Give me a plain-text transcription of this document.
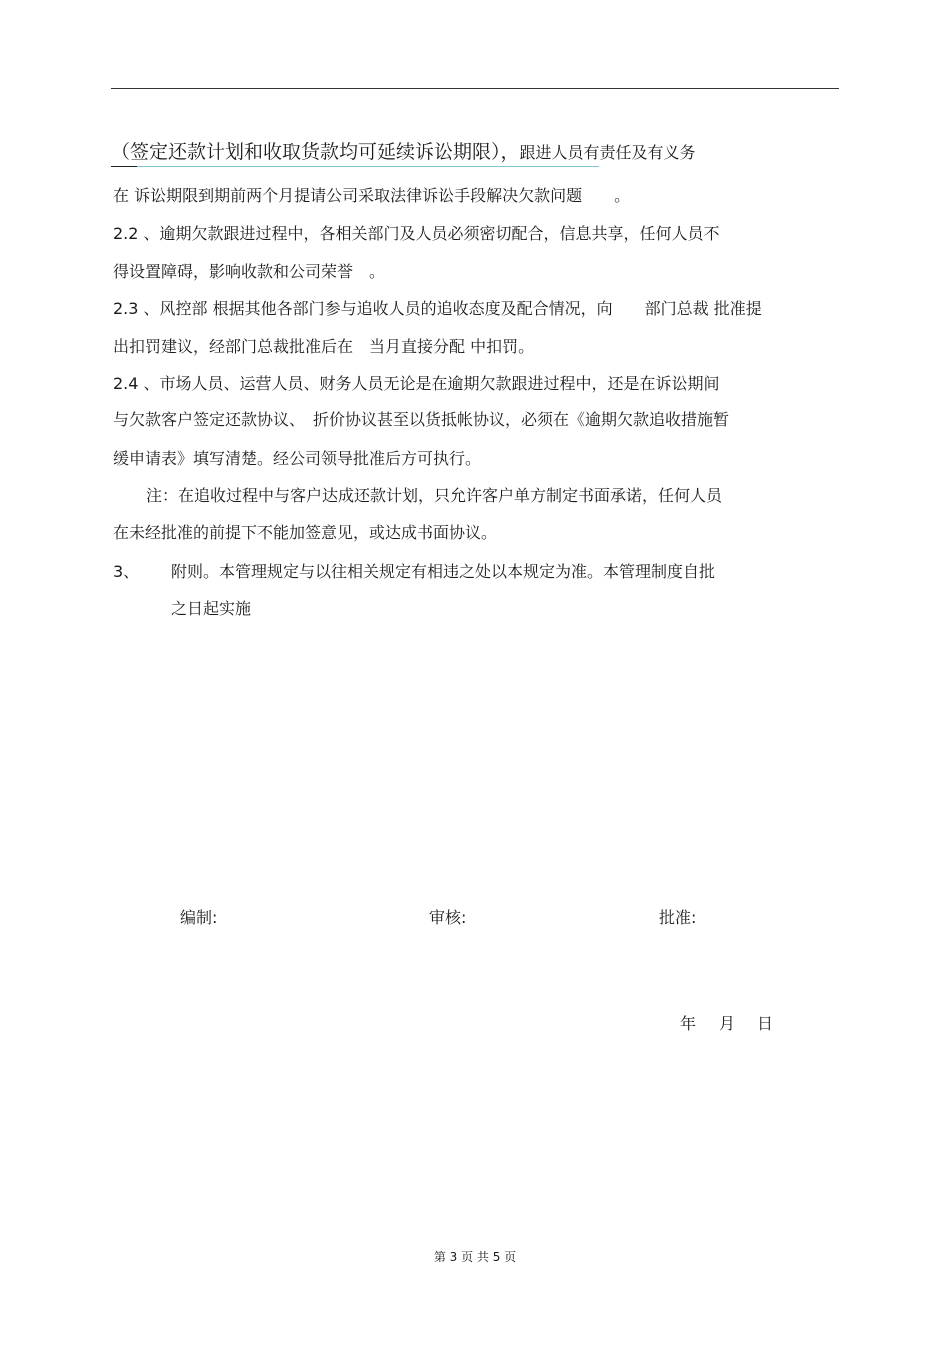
（签定还款计划和收取货款均可延续诉讼期限），跟进人员有责任及有义务
在 诉讼期限到期前两个月提请公司采取法律诉讼手段解决欠款问题　　。
2.2 、逾期欠款跟进过程中，各相关部门及人员必须密切配合，信息共享，任何人员不
得设置障碍，影响收款和公司荣誉　。
2.3 、风控部 根据其他各部门参与追收人员的追收态度及配合情况，向　　部门总裁 批准提
出扣罚建议，经部门总裁批准后在　当月直接分配 中扣罚。
2.4 、市场人员、运营人员、财务人员无论是在逾期欠款跟进过程中，还是在诉讼期间
与欠款客户签定还款协议、　折价协议甚至以货抵帐协议，必须在《逾期欠款追收措施暂
缓申请表》填写清楚。经公司领导批准后方可执行。
注：在追收过程中与客户达成还款计划，只允许客户单方制定书面承诺，任何人员
在未经批准的前提下不能加签意见，或达成书面协议。
3、 附则。本管理规定与以往相关规定有相违之处以本规定为准。本管理制度自批
之日起实施
编制:	审核:	批准:
年 月 日
第 3 页 共 5 页
